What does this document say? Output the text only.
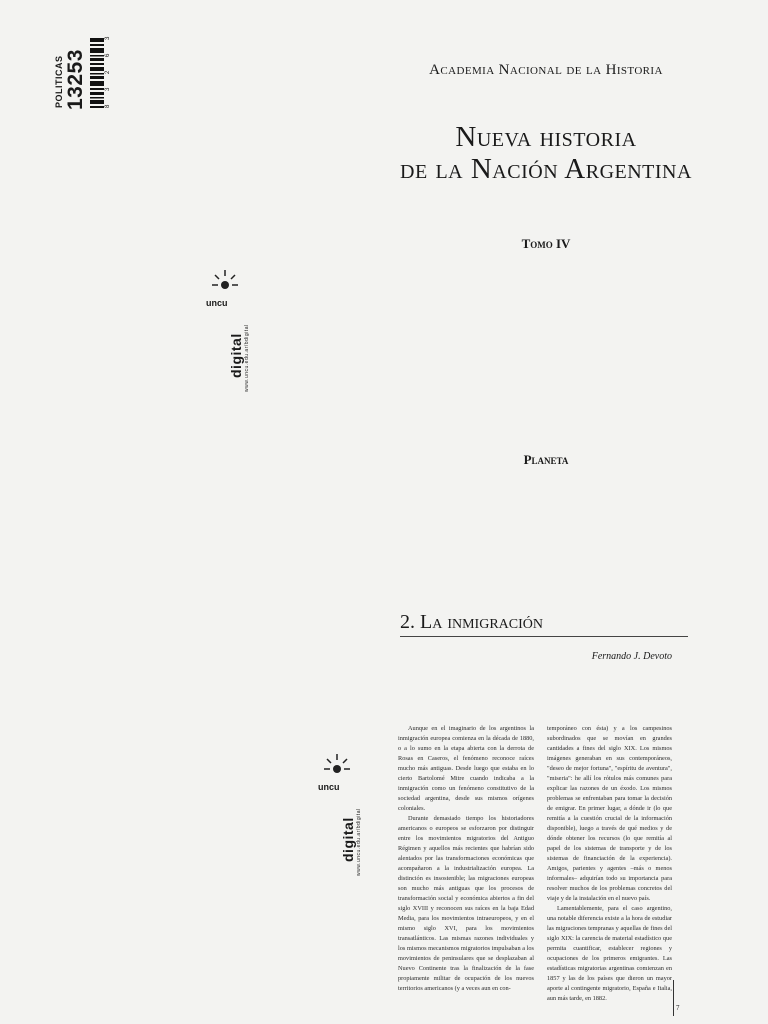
POLITICAS 13253	8 3 2 6 3
uncu
digital www.uncu.edu.ar/bdigital
uncu
digital www.uncu.edu.ar/bdigital
Academia Nacional de la Historia
Nueva historia
de la Nación Argentina
Tomo IV
Planeta
2. La inmigración
Fernando J. Devoto

Aunque en el imaginario de los argentinos la inmigración europea comienza en la década de 1880, o a lo sumo en la etapa abierta con la derrota de Rosas en Caseros, el fenómeno reconoce raíces mucho más antiguas. Desde luego que estaba en lo cierto Bartolomé Mitre cuando indicaba a la inmigración como un fenómeno constitutivo de la sociedad argentina, desde sus mismos orígenes coloniales.

Durante demasiado tiempo los historiadores americanos o europeos se esforzaron por distinguir entre los movimientos migratorios del Antiguo Régimen y aquellos más recientes que habrían sido alentados por las transformaciones económicas que acompañaron a la industrialización europea. La distinción es insostenible; las migraciones europeas son mucho más antiguas que los procesos de transformación social y económica abiertos a fin del siglo XVIII y reconocen sus raíces en la baja Edad Media, para los movimientos intraeuropeos, y en el mismo siglo XVI, para los movimientos transatlánticos. Las mismas razones individuales y los mismos mecanismos migratorios impulsaban a los movimientos de peninsulares que se desplazaban al Nuevo Continente tras la finalización de la fase propiamente militar de ocupación de los nuevos territorios americanos (y a veces aun en con-

temporáneo con ésta) y a los campesinos subordinados que se movían en grandes cantidades a fines del siglo XIX. Los mismos imágenes generaban en sus contemporáneos, "deseo de mejor fortuna", "espíritu de aventura", "miseria": he allí los rótulos más comunes para explicar las razones de un éxodo. Los mismos problemas se enfrentaban para tomar la decisión de emigrar. En primer lugar, a dónde ir (lo que remitía a la cuestión crucial de la información disponible), luego a través de qué medios y de dónde obtener los recursos (lo que remitía al papel de los sistemas de transporte y de los sistemas de financiación de la experiencia). Amigos, parientes y agentes –más o menos informales– adquirían todo su importancia para resolver muchos de los problemas concretos del viaje y de la instalación en el nuevo país.

Lamentablemente, para el caso argentino, una notable diferencia existe a la hora de estudiar las migraciones tempranas y aquellas de fines del siglo XIX: la carencia de material estadístico que permita cuantificar, establecer regiones y ocupaciones de los primeros emigrantes. Las estadísticas migratorias argentinas comienzan en 1857 y las de los países que dieron un mayor aporte al contingente migratorio, España e Italia, aun más tarde, en 1882.

7
